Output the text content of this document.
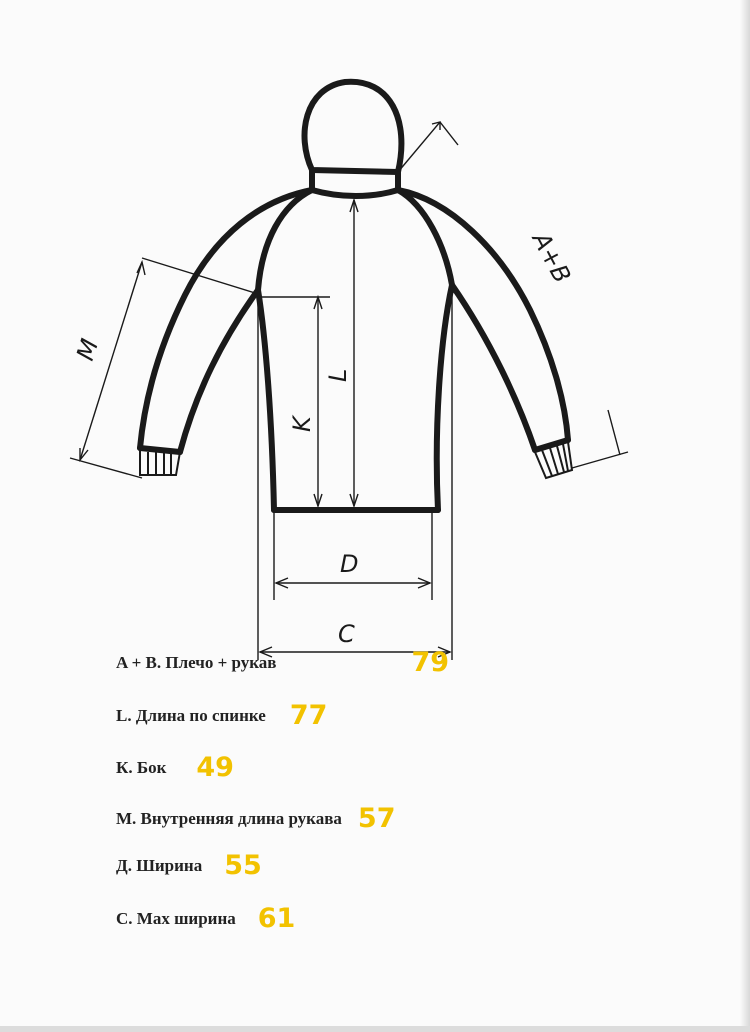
A+B
M
K
L
D
C
A + B. Плечо + рукав	79
L. Длина по спинке 77
К. Бок 49
М. Внутренняя длина рукава 57
Д. Ширина 55
С. Мах ширина 61
